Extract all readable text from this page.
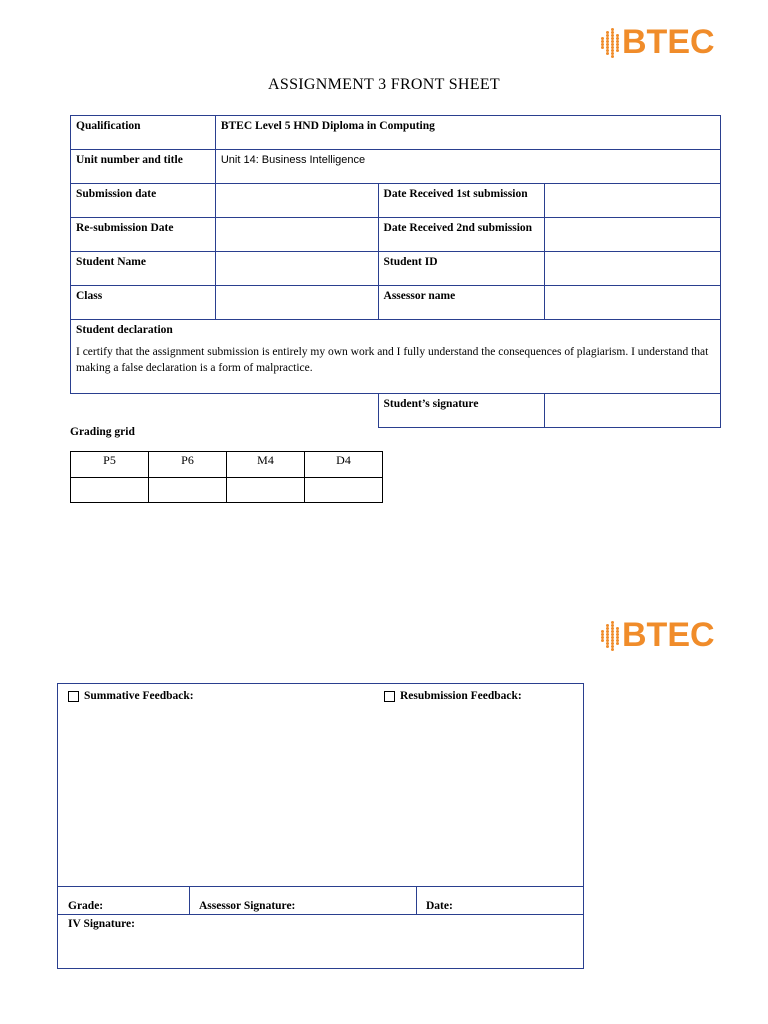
BTEC
ASSIGNMENT 3 FRONT SHEET
Qualification	BTEC Level 5 HND Diploma in Computing		
Unit number and title	Unit 14: Business Intelligence		
Submission date		Date Received 1st submission	
Re-submission Date		Date Received 2nd submission	
Student Name		Student ID	
Class		Assessor name	

Student declaration
I certify that the assignment submission is entirely my own work and I fully understand the consequences of plagiarism. I understand that making a false declaration is a form of malpractice.			

		Student’s signature	
Grading grid
P5	P6	M4	D4

BTEC
Summative Feedback:	Resubmission Feedback:
Grade:	Assessor Signature:	Date:
IV Signature:
